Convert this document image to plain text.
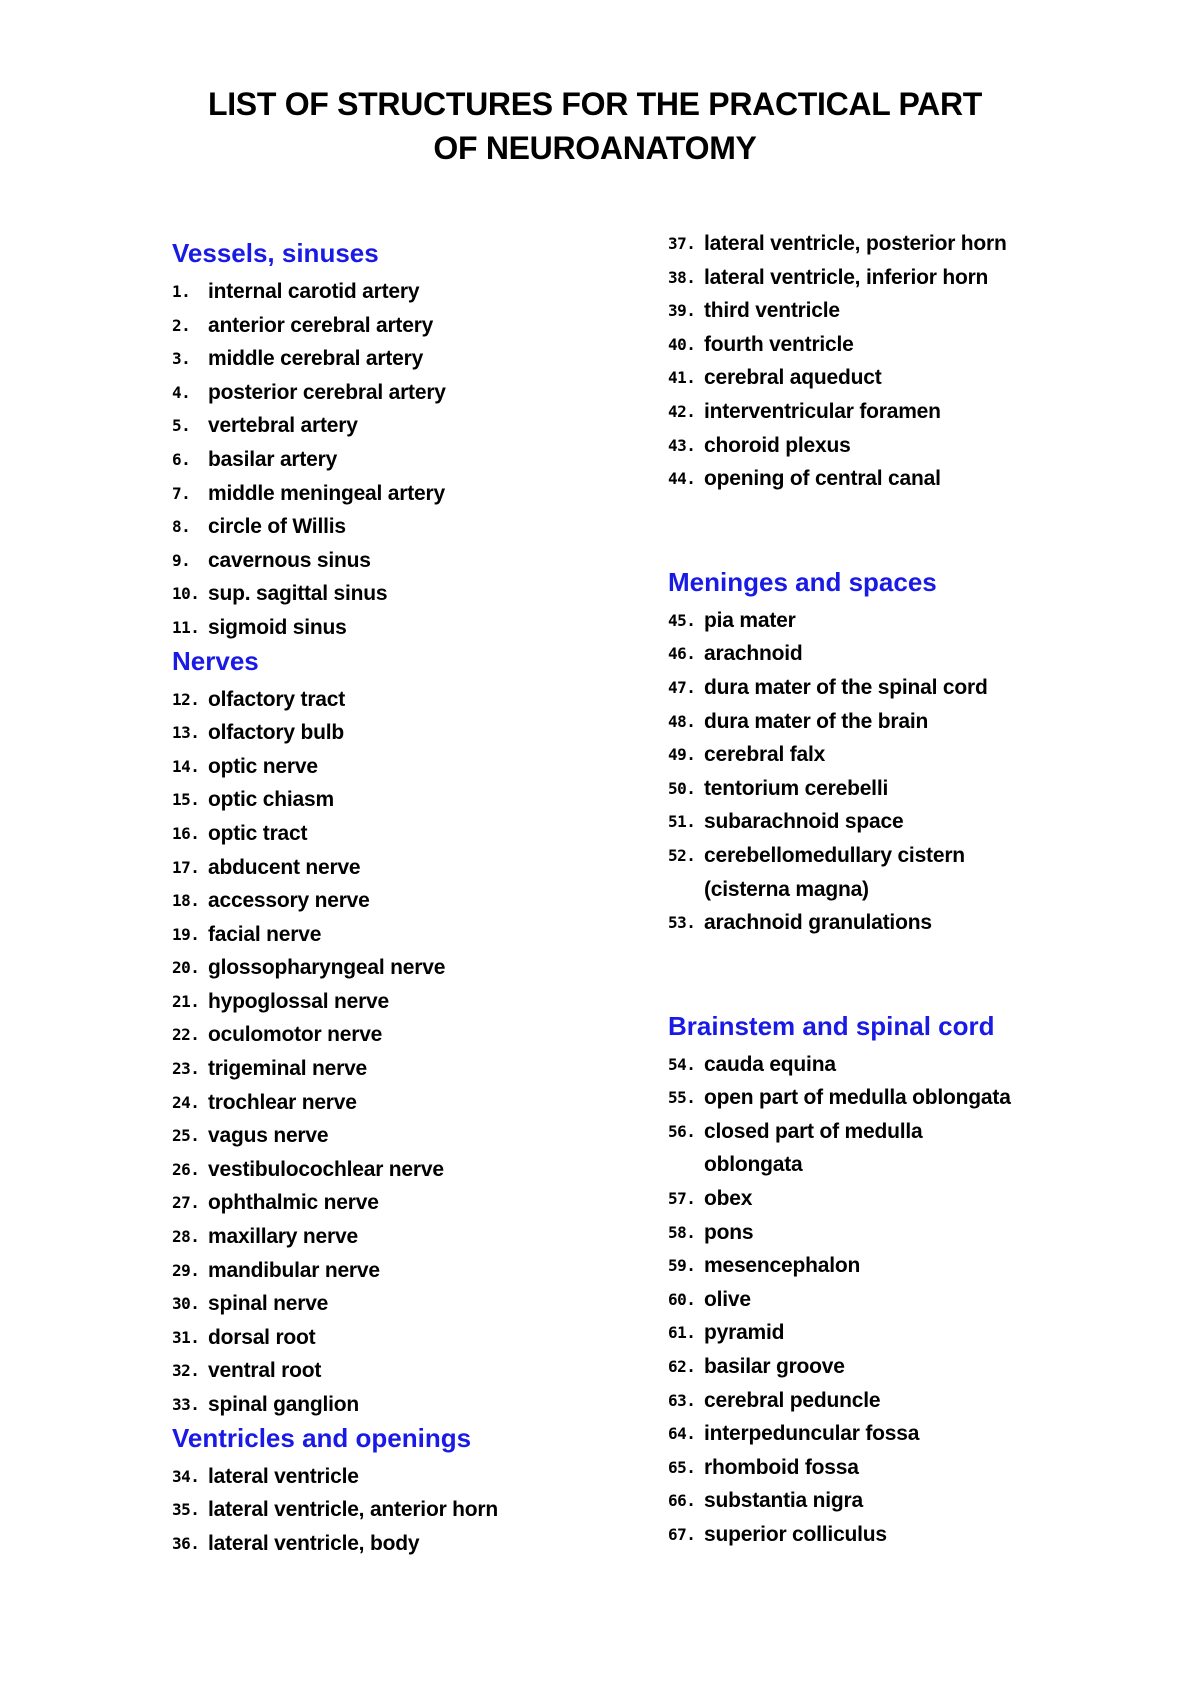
LIST OF STRUCTURES FOR THE PRACTICAL PART
OF NEUROANATOMY
Vessels, sinuses
1. internal carotid artery
2. anterior cerebral artery
3. middle cerebral artery
4. posterior cerebral artery
5. vertebral artery
6. basilar artery
7. middle meningeal artery
8. circle of Willis
9. cavernous sinus
10. sup. sagittal sinus
11. sigmoid sinus
Nerves
12. olfactory tract
13. olfactory bulb
14. optic nerve
15. optic chiasm
16. optic tract
17. abducent nerve
18. accessory nerve
19. facial nerve
20. glossopharyngeal nerve
21. hypoglossal nerve
22. oculomotor nerve
23. trigeminal nerve
24. trochlear nerve
25. vagus nerve
26. vestibulocochlear nerve
27. ophthalmic nerve
28. maxillary nerve
29. mandibular nerve
30. spinal nerve
31. dorsal root
32. ventral root
33. spinal ganglion
Ventricles and openings
34. lateral ventricle
35. lateral ventricle, anterior horn
36. lateral ventricle, body
37. lateral ventricle, posterior horn
38. lateral ventricle, inferior horn
39. third ventricle
40. fourth ventricle
41. cerebral aqueduct
42. interventricular foramen
43. choroid plexus
44. opening of central canal
Meninges and spaces
45. pia mater
46. arachnoid
47. dura mater of the spinal cord
48. dura mater of the brain
49. cerebral falx
50. tentorium cerebelli
51. subarachnoid space
52. cerebellomedullary cistern (cisterna magna)
53. arachnoid granulations
Brainstem and spinal cord
54. cauda equina
55. open part of medulla oblongata
56. closed part of medulla oblongata
57. obex
58. pons
59. mesencephalon
60. olive
61. pyramid
62. basilar groove
63. cerebral peduncle
64. interpeduncular fossa
65. rhomboid fossa
66. substantia nigra
67. superior colliculus
